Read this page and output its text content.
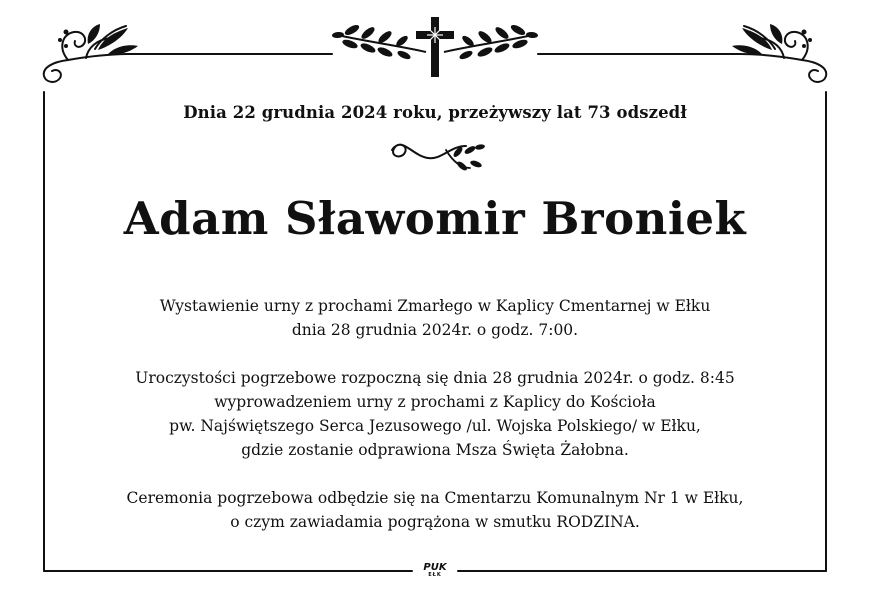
Dnia 22 grudnia 2024 roku, przeżywszy lat 73 odszedł
Adam Sławomir Broniek
Wystawienie urny z prochami Zmarłego w Kaplicy Cmentarnej w Ełku
dnia 28 grudnia 2024r. o godz. 7:00.
Uroczystości pogrzebowe rozpoczną się dnia 28 grudnia 2024r. o godz. 8:45
wyprowadzeniem urny z prochami z Kaplicy do Kościoła
pw. Najświętszego Serca Jezusowego /ul. Wojska Polskiego/ w Ełku,
gdzie zostanie odprawiona Msza Święta Żałobna.
Ceremonia pogrzebowa odbędzie się na Cmentarzu Komunalnym Nr 1 w Ełku,
o czym zawiadamia pogrążona w smutku RODZINA.
PUK
EŁK
